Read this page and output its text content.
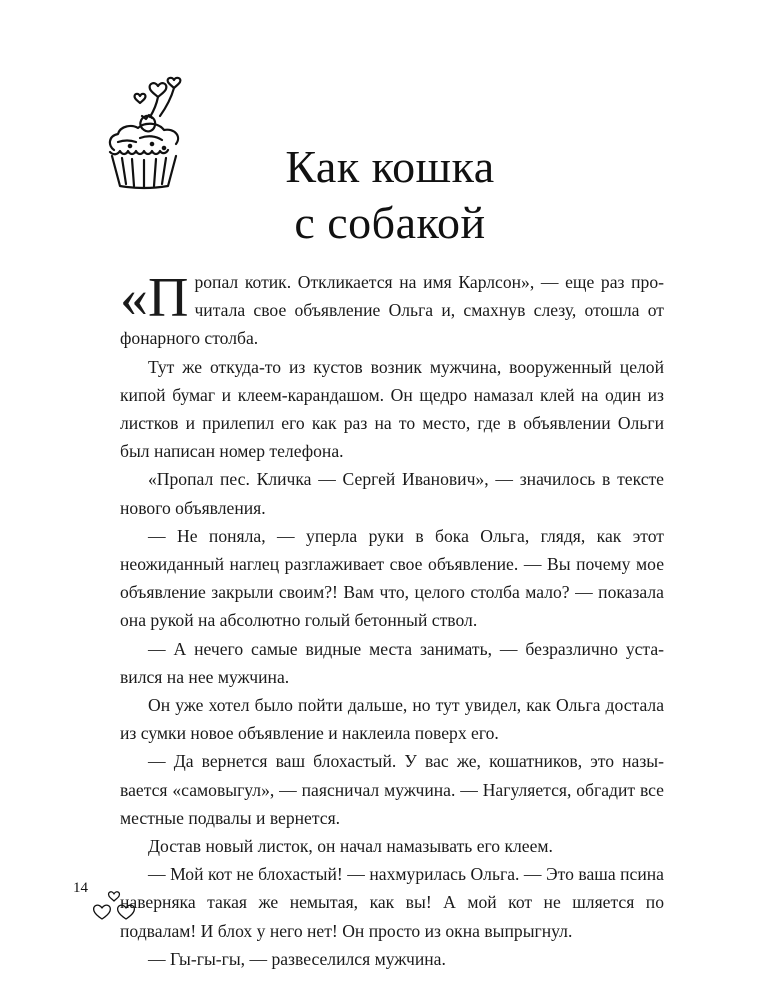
Как кошка
с собакой

«Пропал котик. Откликается на имя Карлсон», — еще раз прочитала свое объявление Ольга и, смахнув слезу, отошла от фонарного столба.

Тут же откуда-то из кустов возник мужчина, вооруженный целой кипой бумаг и клеем-карандашом. Он щедро намазал клей на один из листков и прилепил его как раз на то место, где в объявлении Ольги был написан номер телефона.

«Пропал пес. Кличка — Сергей Иванович», — значилось в тексте нового объявления.

— Не поняла, — уперла руки в бока Ольга, глядя, как этот неожиданный наглец разглаживает свое объявление. — Вы почему мое объявление закрыли своим?! Вам что, целого столба мало? — показала она рукой на абсолютно голый бетонный ствол.

— А нечего самые видные места занимать, — безразлично уставился на нее мужчина.

Он уже хотел было пойти дальше, но тут увидел, как Ольга достала из сумки новое объявление и наклеила поверх его.

— Да вернется ваш блохастый. У вас же, кошатников, это называется «самовыгул», — паясничал мужчина. — Нагуляется, обгадит все местные подвалы и вернется.

Достав новый листок, он начал намазывать его клеем.

— Мой кот не блохастый! — нахмурилась Ольга. — Это ваша псина наверняка такая же немытая, как вы! А мой кот не шляется по подвалам! И блох у него нет! Он просто из окна выпрыгнул.

— Гы-гы-гы, — развеселился мужчина.

14
